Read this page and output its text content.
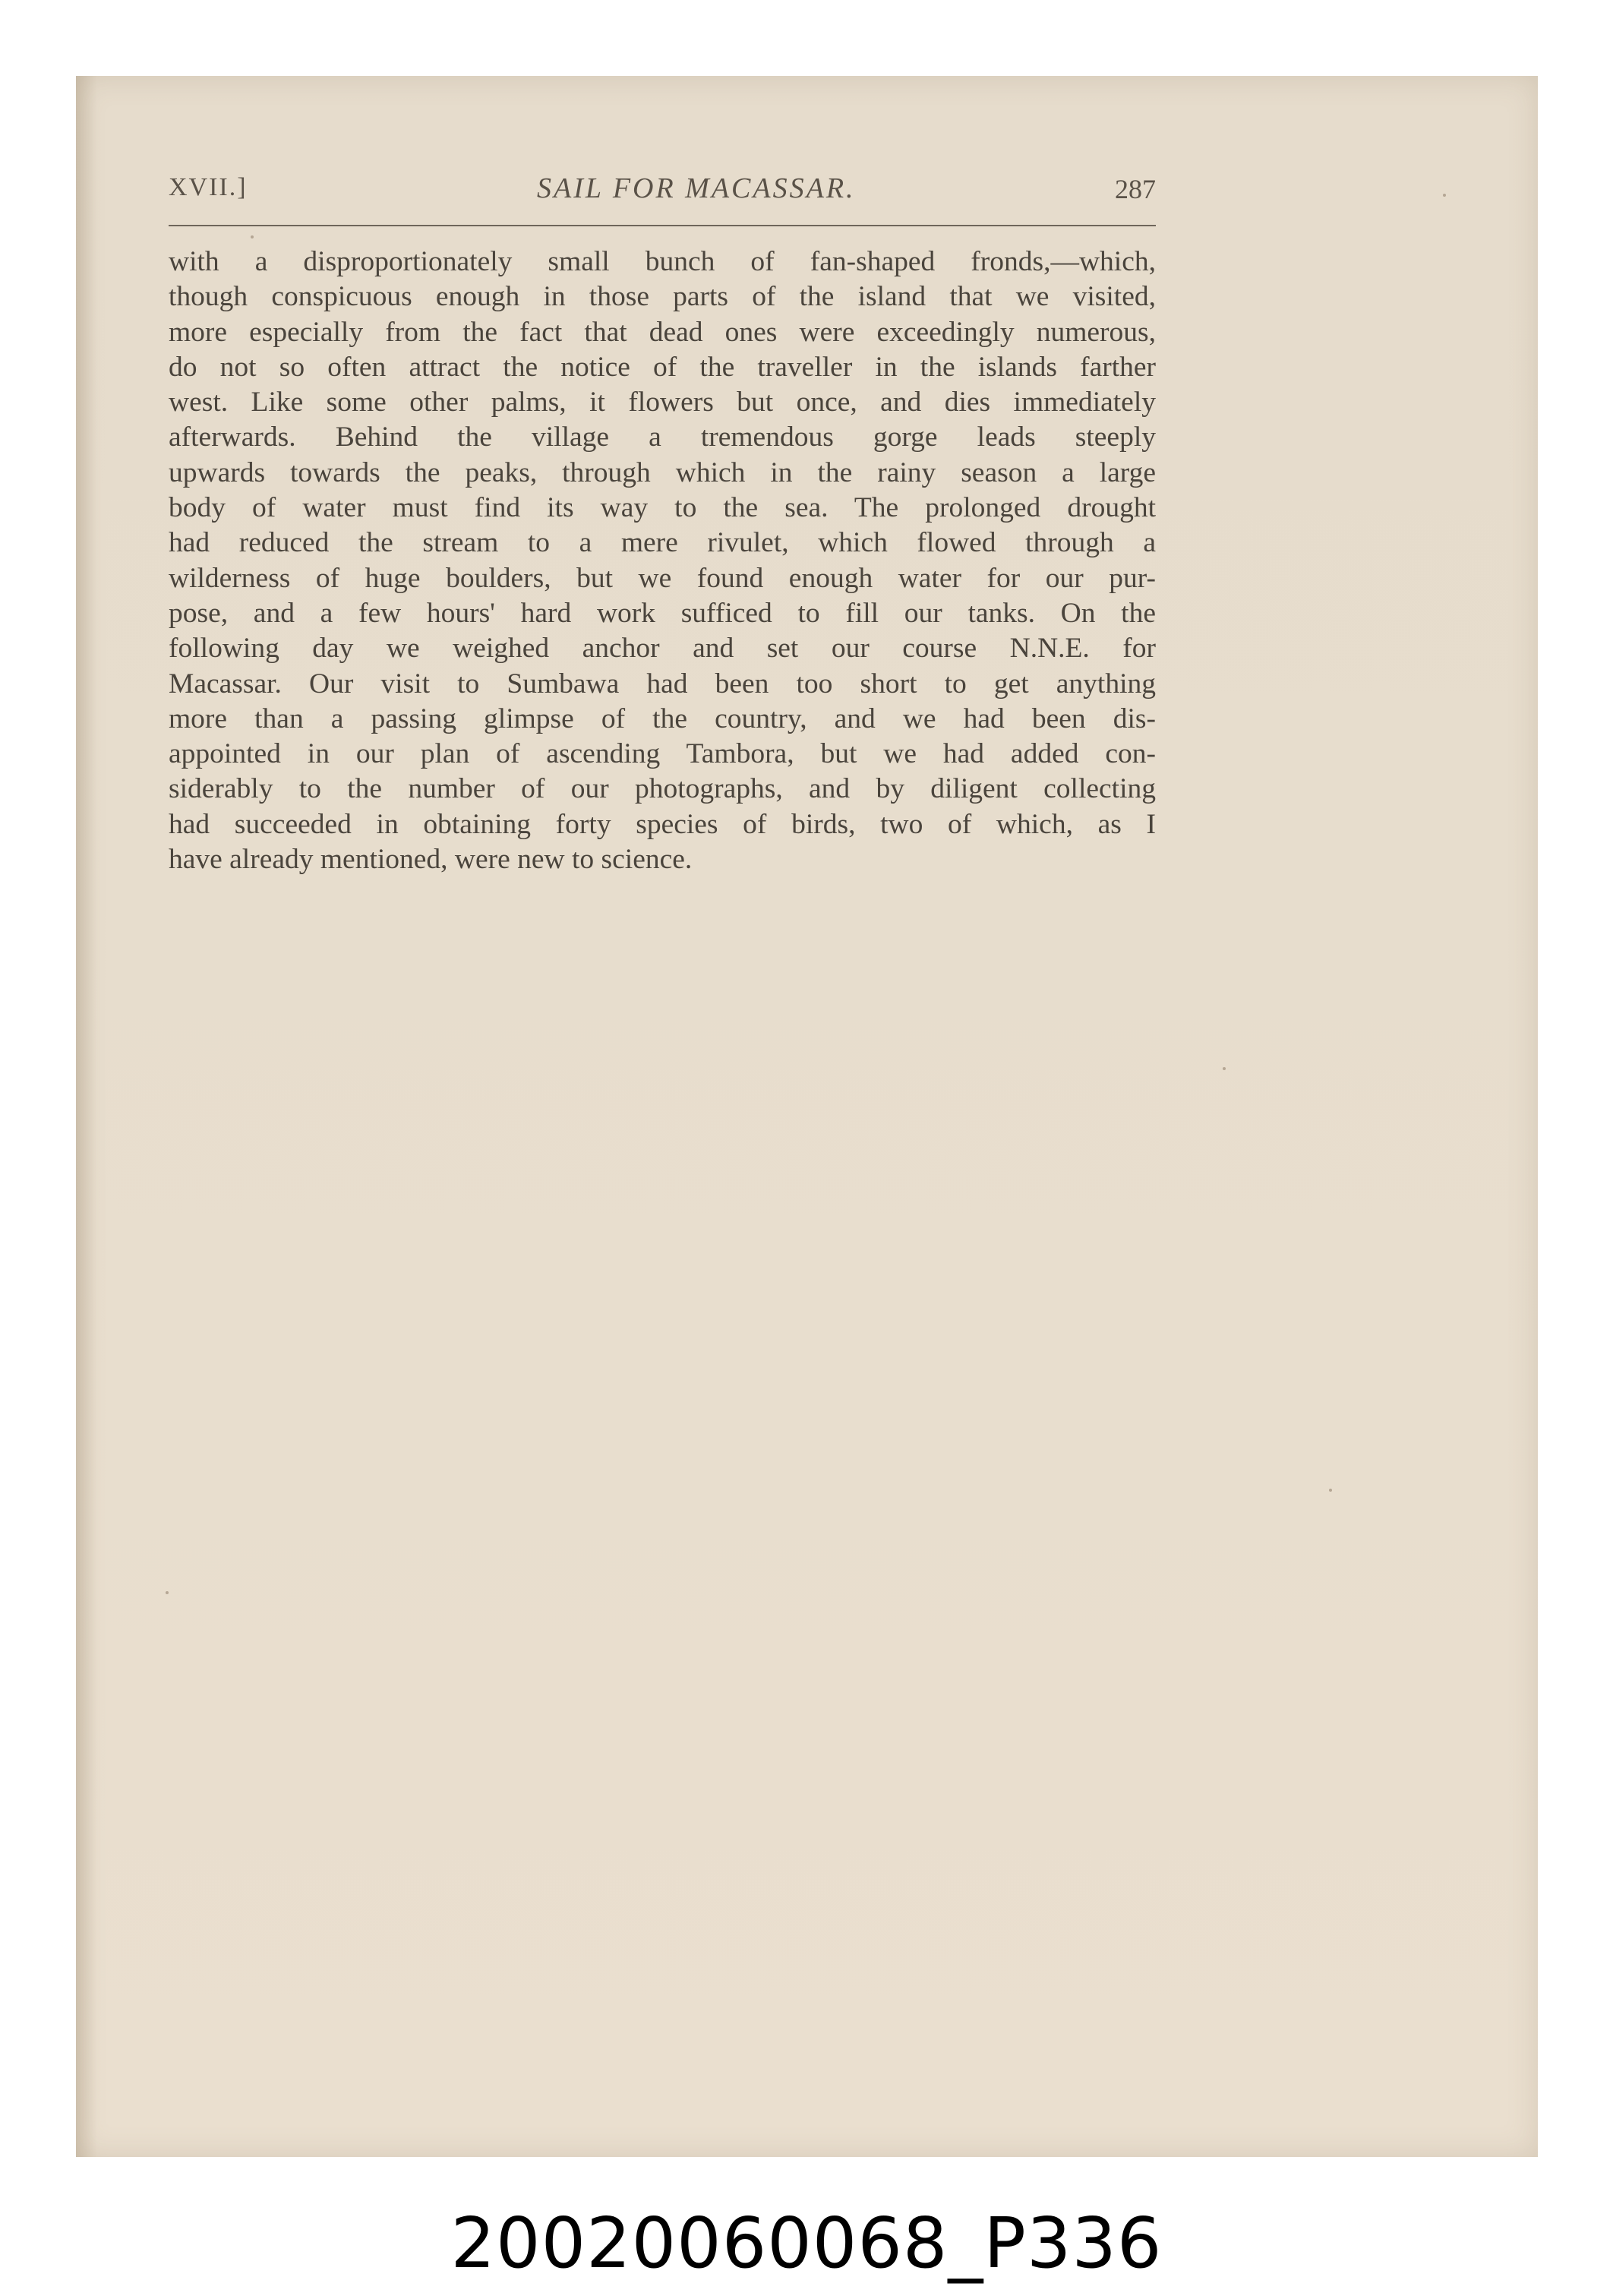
XVII.]	SAIL FOR MACASSAR.	287
with a disproportionately small bunch of fan-shaped fronds,—which,
though conspicuous enough in those parts of the island that we visited,
more especially from the fact that dead ones were exceedingly numerous,
do not so often attract the notice of the traveller in the islands farther
west. Like some other palms, it flowers but once, and dies immediately
afterwards. Behind the village a tremendous gorge leads steeply
upwards towards the peaks, through which in the rainy season a large
body of water must find its way to the sea. The prolonged drought
had reduced the stream to a mere rivulet, which flowed through a
wilderness of huge boulders, but we found enough water for our pur-
pose, and a few hours' hard work sufficed to fill our tanks. On the
following day we weighed anchor and set our course N.N.E. for
Macassar. Our visit to Sumbawa had been too short to get anything
more than a passing glimpse of the country, and we had been dis-
appointed in our plan of ascending Tambora, but we had added con-
siderably to the number of our photographs, and by diligent collecting
had succeeded in obtaining forty species of birds, two of which, as I
have already mentioned, were new to science.
20020060068_P336
